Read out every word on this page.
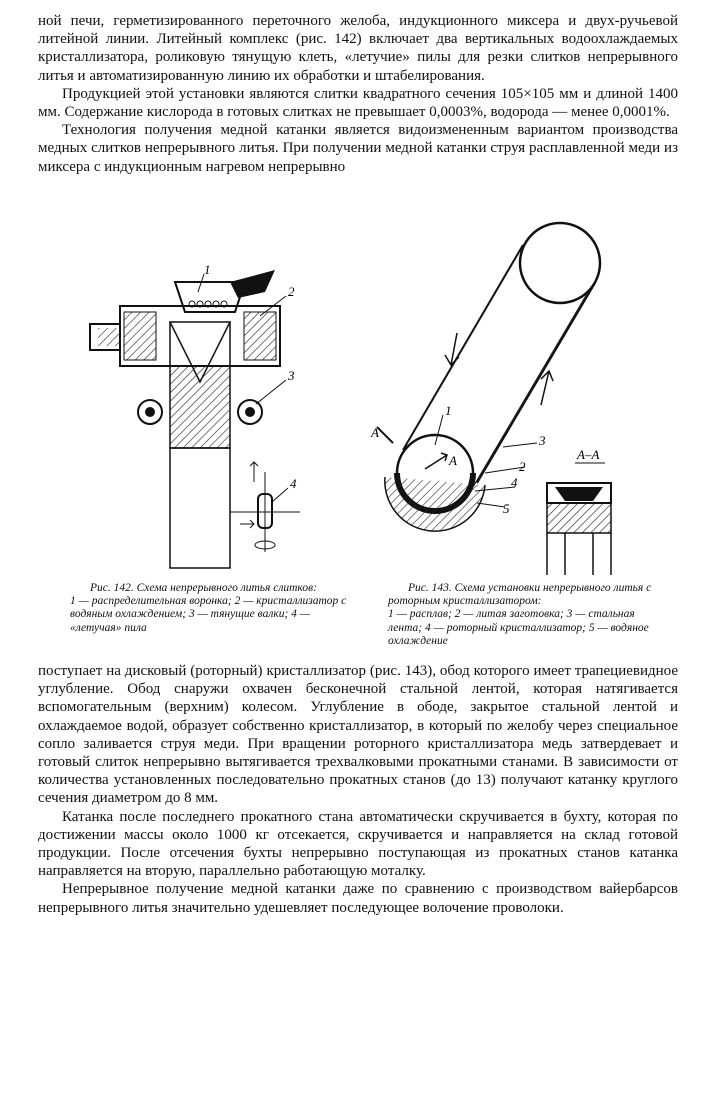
ной печи, герметизированного переточного желоба, индукционного миксера и двух-ручьевой литейной линии. Литейный комплекс (рис. 142) включает два вертикальных водоохлаждаемых кристаллизатора, роликовую тянущую клеть, «летучие» пилы для резки слитков непрерывного литья и автоматизированную линию их обработки и штабелирования.

Продукцией этой установки являются слитки квадратного сечения 105×105 мм и длиной 1400 мм. Содержание кислорода в готовых слитках не превышает 0,0003%, водорода — менее 0,0001%.

Технология получения медной катанки является видоизмененным вариантом производства медных слитков непрерывного литья. При получении медной катанки струя расплавленной меди из миксера с индукционным нагревом непрерывно

1
2
3
4
1
2
3
4
5
А
А	А–А
Рис. 142. Схема непрерывного литья слитков:
1 — распределительная воронка; 2 — кристаллизатор с водяным охлаждением; 3 — тянущие валки; 4 — «летучая» пила
Рис. 143. Схема установки непрерывного литья с роторным кристаллизатором:
1 — расплав; 2 — литая заготовка; 3 — стальная лента; 4 — роторный кристаллизатор; 5 — водяное охлаждение

поступает на дисковый (роторный) кристаллизатор (рис. 143), обод которого имеет трапециевидное углубление. Обод снаружи охвачен бесконечной стальной лентой, которая натягивается вспомогательным (верхним) колесом. Углубление в ободе, закрытое стальной лентой и охлаждаемое водой, образует собственно кристаллизатор, в который по желобу через специальное сопло заливается струя меди. При вращении роторного кристаллизатора медь затвердевает и готовый слиток непрерывно вытягивается трехвалковыми прокатными станами. В зависимости от количества установленных последовательно прокатных станов (до 13) получают катанку круглого сечения диаметром до 8 мм.

Катанка после последнего прокатного стана автоматически скручивается в бухту, которая по достижении массы около 1000 кг отсекается, скручивается и направляется на склад готовой продукции. После отсечения бухты непрерывно поступающая из прокатных станов катанка направляется на вторую, параллельно работающую моталку.

Непрерывное получение медной катанки даже по сравнению с производством вайербарсов непрерывного литья значительно удешевляет последующее волочение проволоки.
